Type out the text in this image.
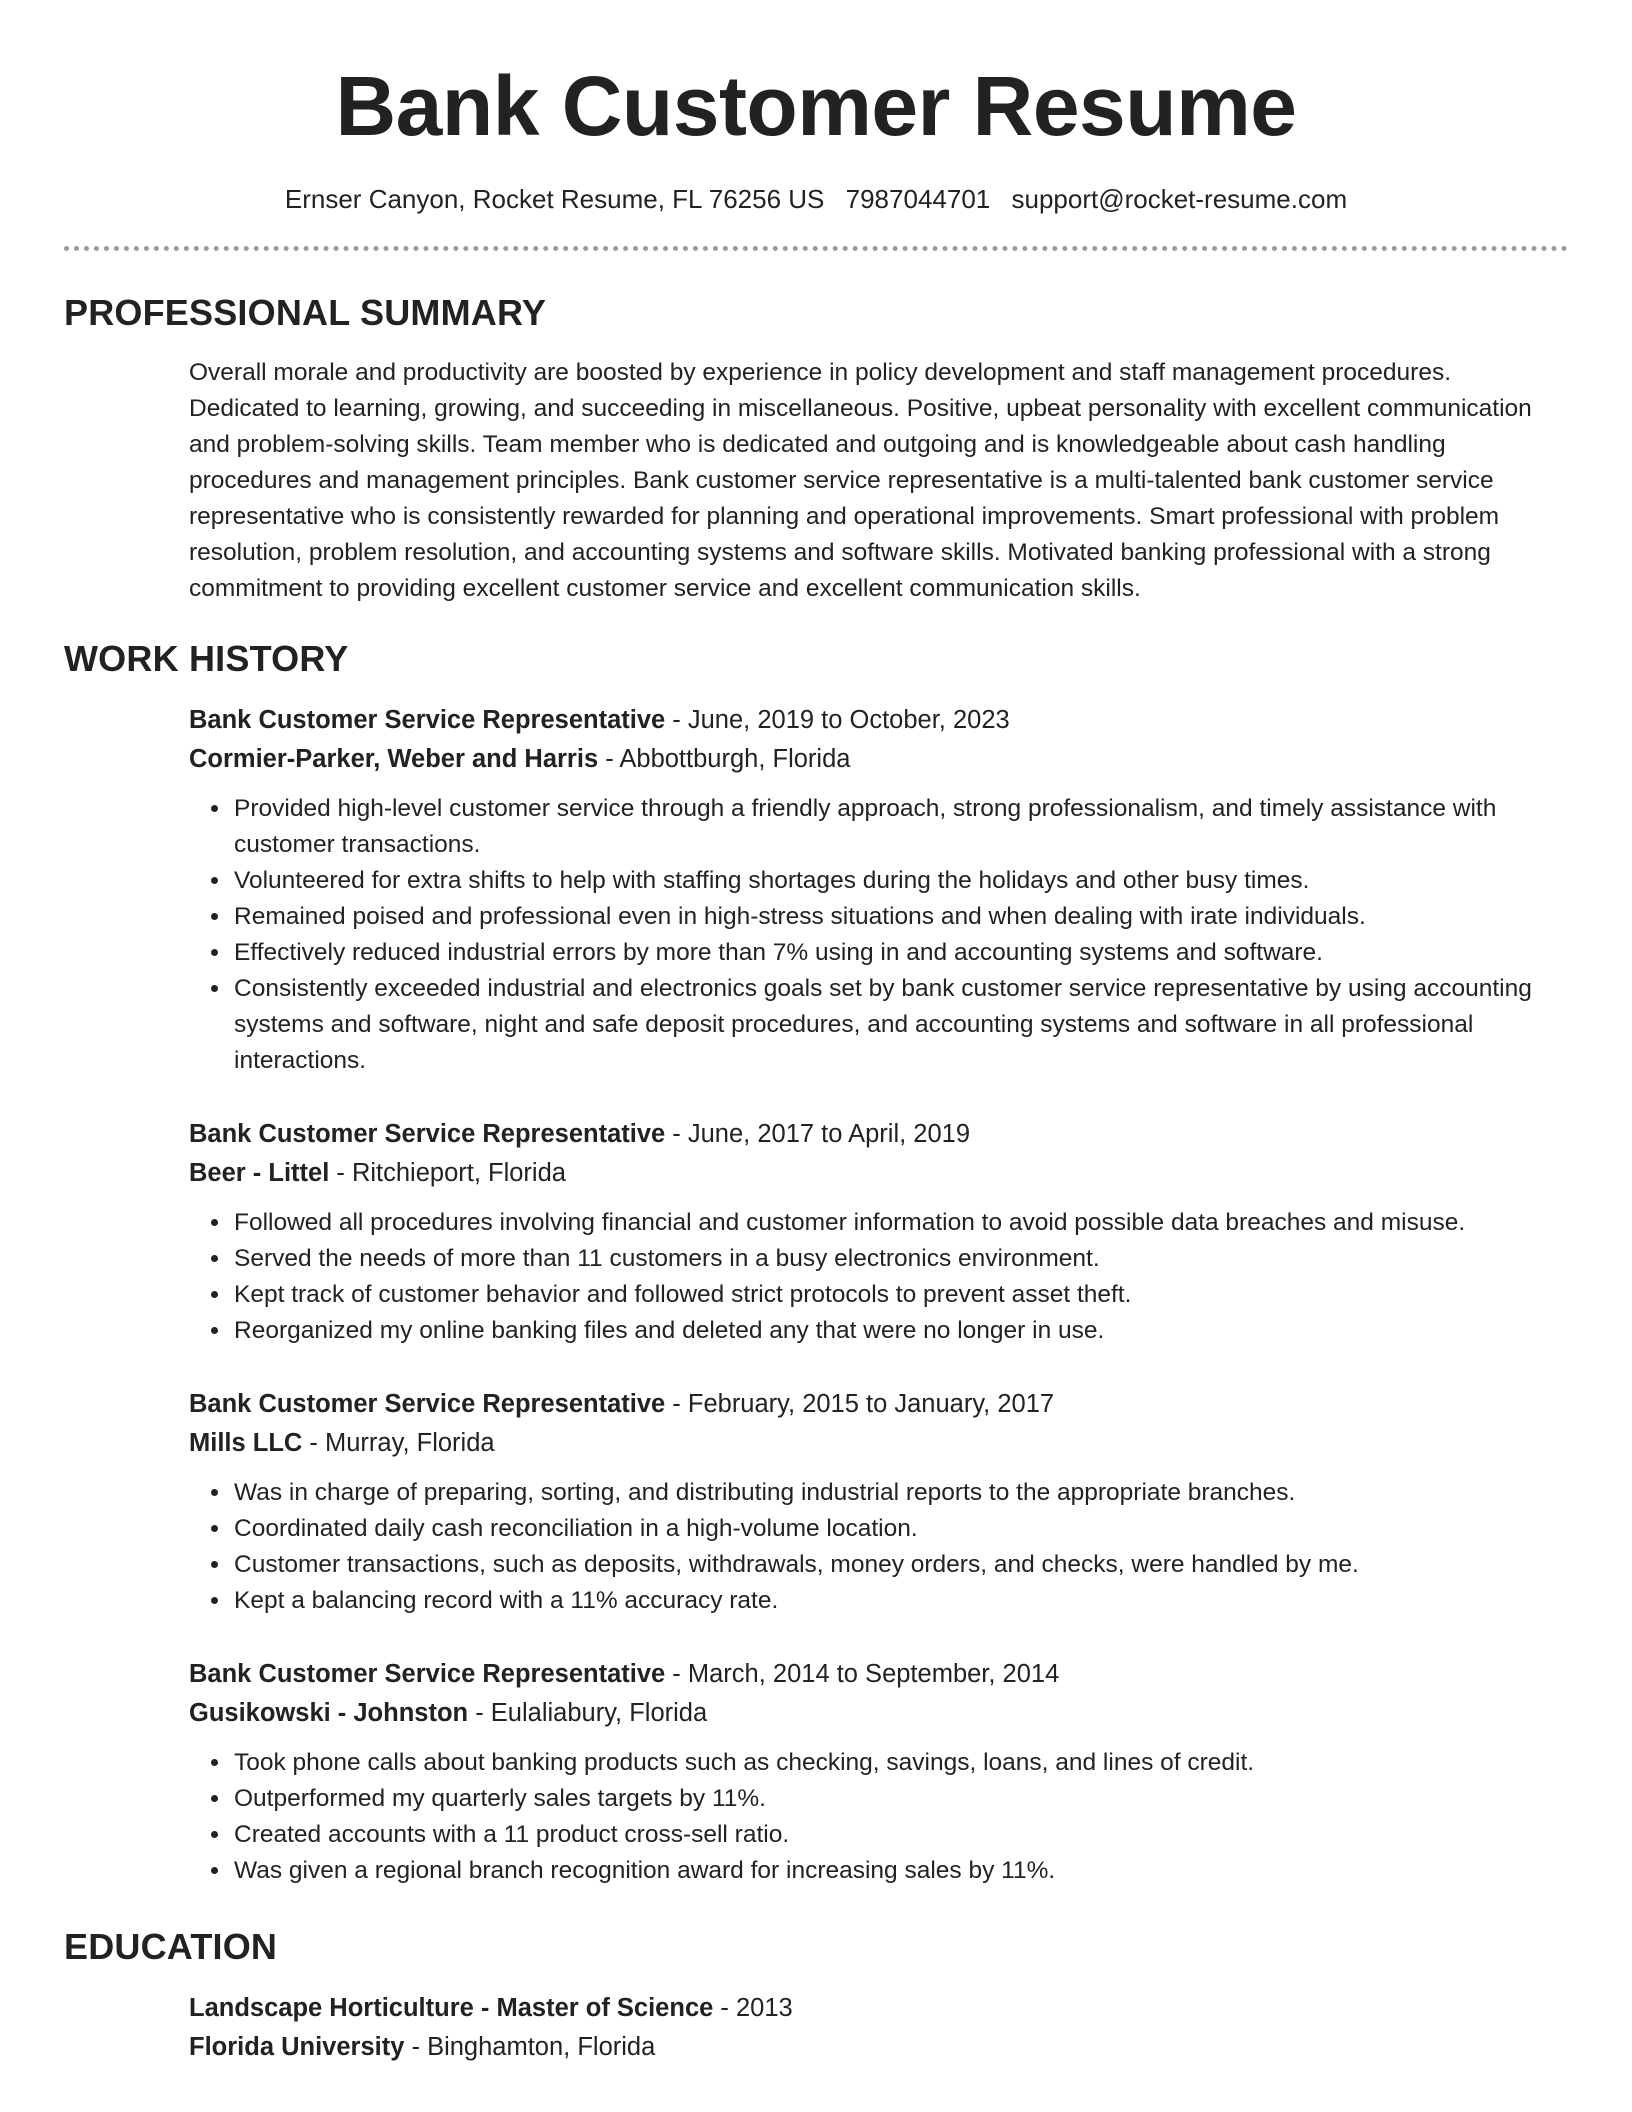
Bank Customer Resume
Ernser Canyon, Rocket Resume, FL 76256 US 7987044701 support@rocket-resume.com
PROFESSIONAL SUMMARY

Overall morale and productivity are boosted by experience in policy development and staff management procedures. Dedicated to learning, growing, and succeeding in miscellaneous. Positive, upbeat personality with excellent communication and problem-solving skills. Team member who is dedicated and outgoing and is knowledgeable about cash handling procedures and management principles. Bank customer service representative is a multi-talented bank customer service representative who is consistently rewarded for planning and operational improvements. Smart professional with problem resolution, problem resolution, and accounting systems and software skills. Motivated banking professional with a strong commitment to providing excellent customer service and excellent communication skills.

WORK HISTORY
Bank Customer Service Representative - June, 2019 to October, 2023
Cormier-Parker, Weber and Harris - Abbottburgh, Florida
• Provided high-level customer service through a friendly approach, strong professionalism, and timely assistance with customer transactions.
• Volunteered for extra shifts to help with staffing shortages during the holidays and other busy times.
• Remained poised and professional even in high-stress situations and when dealing with irate individuals.
• Effectively reduced industrial errors by more than 7% using in and accounting systems and software.
• Consistently exceeded industrial and electronics goals set by bank customer service representative by using accounting systems and software, night and safe deposit procedures, and accounting systems and software in all professional interactions.
Bank Customer Service Representative - June, 2017 to April, 2019
Beer - Littel - Ritchieport, Florida
• Followed all procedures involving financial and customer information to avoid possible data breaches and misuse.
• Served the needs of more than 11 customers in a busy electronics environment.
• Kept track of customer behavior and followed strict protocols to prevent asset theft.
• Reorganized my online banking files and deleted any that were no longer in use.
Bank Customer Service Representative - February, 2015 to January, 2017
Mills LLC - Murray, Florida
• Was in charge of preparing, sorting, and distributing industrial reports to the appropriate branches.
• Coordinated daily cash reconciliation in a high-volume location.
• Customer transactions, such as deposits, withdrawals, money orders, and checks, were handled by me.
• Kept a balancing record with a 11% accuracy rate.
Bank Customer Service Representative - March, 2014 to September, 2014
Gusikowski - Johnston - Eulaliabury, Florida
• Took phone calls about banking products such as checking, savings, loans, and lines of credit.
• Outperformed my quarterly sales targets by 11%.
• Created accounts with a 11 product cross-sell ratio.
• Was given a regional branch recognition award for increasing sales by 11%.
EDUCATION
Landscape Horticulture - Master of Science - 2013
Florida University - Binghamton, Florida
